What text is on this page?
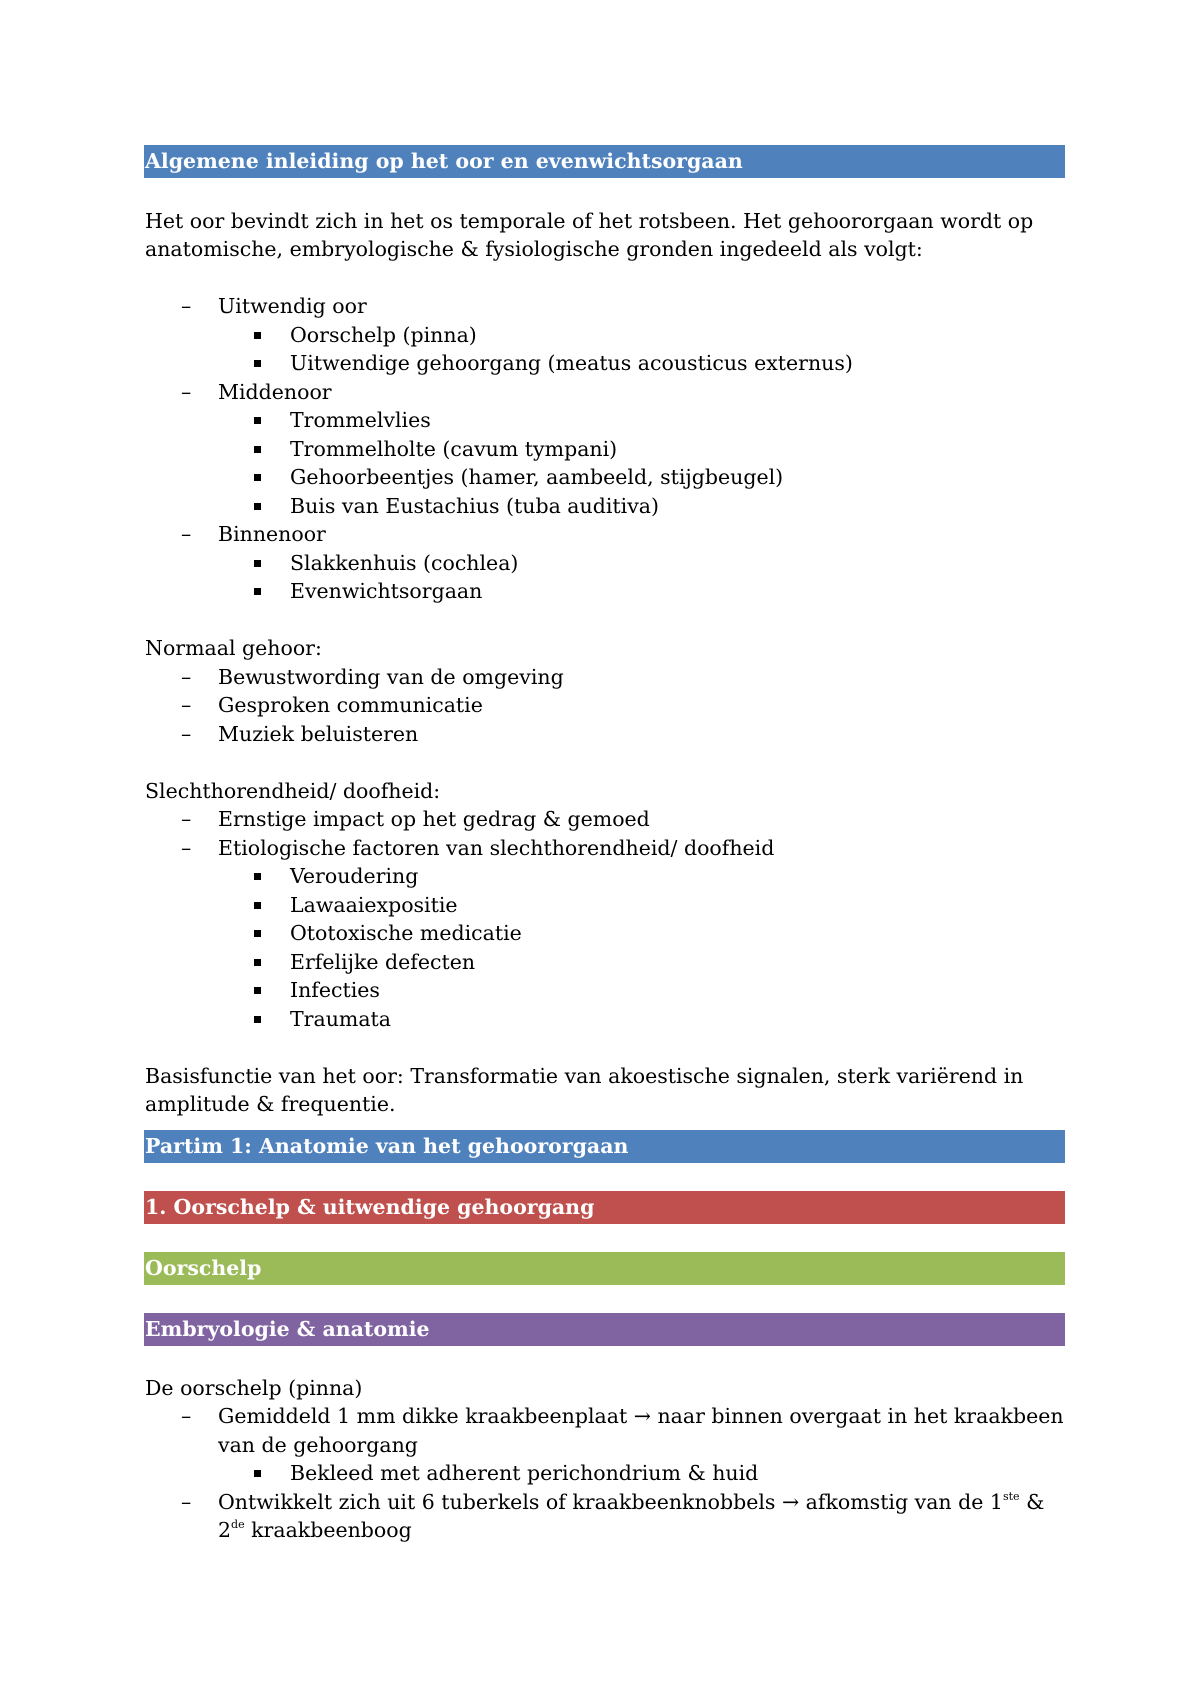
Algemene inleiding op het oor en evenwichtsorgaan

Het oor bevindt zich in het os temporale of het rotsbeen. Het gehoororgaan wordt op anatomische, embryologische & fysiologische gronden ingedeeld als volgt:

– Uitwendig oor
Oorschelp (pinna)
Uitwendige gehoorgang (meatus acousticus externus)
– Middenoor
Trommelvlies
Trommelholte (cavum tympani)
Gehoorbeentjes (hamer, aambeeld, stijgbeugel)
Buis van Eustachius (tuba auditiva)
– Binnenoor
Slakkenhuis (cochlea)
Evenwichtsorgaan

Normaal gehoor:

– Bewustwording van de omgeving
– Gesproken communicatie
– Muziek beluisteren

Slechthorendheid/ doofheid:

– Ernstige impact op het gedrag & gemoed
– Etiologische factoren van slechthorendheid/ doofheid
Veroudering
Lawaaiexpositie
Ototoxische medicatie
Erfelijke defecten
Infecties
Traumata

Basisfunctie van het oor: Transformatie van akoestische signalen, sterk variërend in amplitude & frequentie.

Partim 1: Anatomie van het gehoororgaan
1. Oorschelp & uitwendige gehoorgang
Oorschelp
Embryologie & anatomie

De oorschelp (pinna)

– Gemiddeld 1 mm dikke kraakbeenplaat → naar binnen overgaat in het kraakbeen van de gehoorgang
Bekleed met adherent perichondrium & huid
– Ontwikkelt zich uit 6 tuberkels of kraakbeenknobbels → afkomstig van de 1ste & 2de kraakbeenboog
